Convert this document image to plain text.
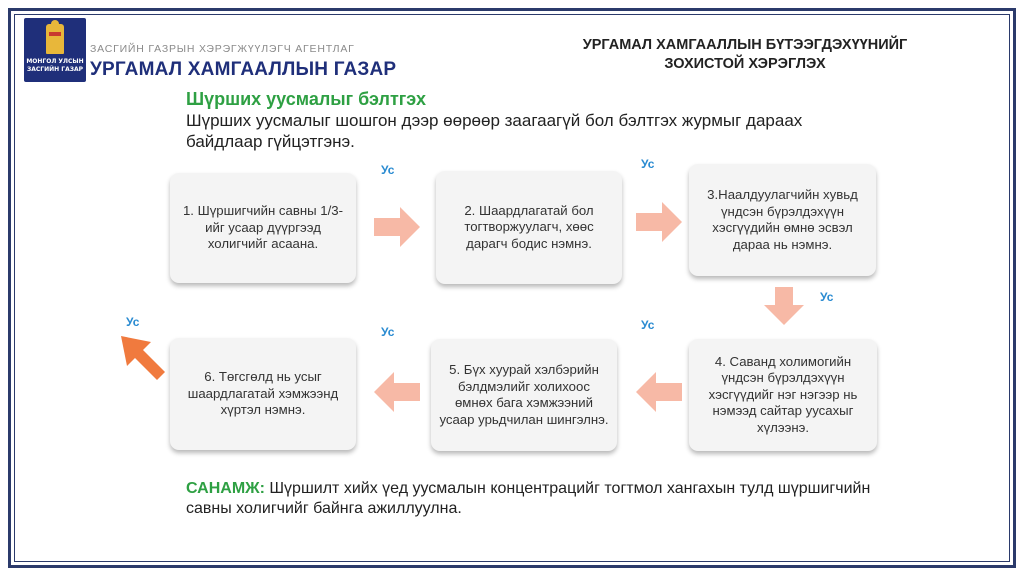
МОНГОЛ УЛСЫН
ЗАСГИЙН ГАЗАР
ЗАСГИЙН ГАЗРЫН ХЭРЭГЖҮҮЛЭГЧ АГЕНТЛАГ
УРГАМАЛ ХАМГААЛЛЫН ГАЗАР
УРГАМАЛ ХАМГААЛЛЫН БҮТЭЭГДЭХҮҮНИЙГ
ЗОХИСТОЙ ХЭРЭГЛЭХ
Шүрших уусмалыг бэлтгэх
Шүрших уусмалыг шошгон дээр өөрөөр заагаагүй бол бэлтгэх журмыг дараах байдлаар гүйцэтгэнэ.
1. Шүршигчийн савны 1/3-ийг усаар дүүргээд холигчийг асаана.
2. Шаардлагатай бол тогтворжуулагч, хөөс дарагч бодис нэмнэ.
3.Наалдуулагчийн хувьд үндсэн бүрэлдэхүүн хэсгүүдийн өмнө эсвэл дараа нь нэмнэ.
6. Төгсгөлд нь усыг шаардлагатай хэмжээнд хүртэл нэмнэ.
5. Бүх хуурай хэлбэрийн бэлдмэлийг холихоос өмнөх бага хэмжээний усаар урьдчилан шингэлнэ.
4. Саванд холимогийн үндсэн бүрэлдэхүүн хэсгүүдийг нэг нэгээр нь нэмээд сайтар уусахыг хүлээнэ.
Ус	Ус
Ус
Ус
Ус
Ус
САНАМЖ: Шүршилт хийх үед уусмалын концентрацийг тогтмол хангахын тулд шүршигчийн савны холигчийг байнга ажиллуулна.
